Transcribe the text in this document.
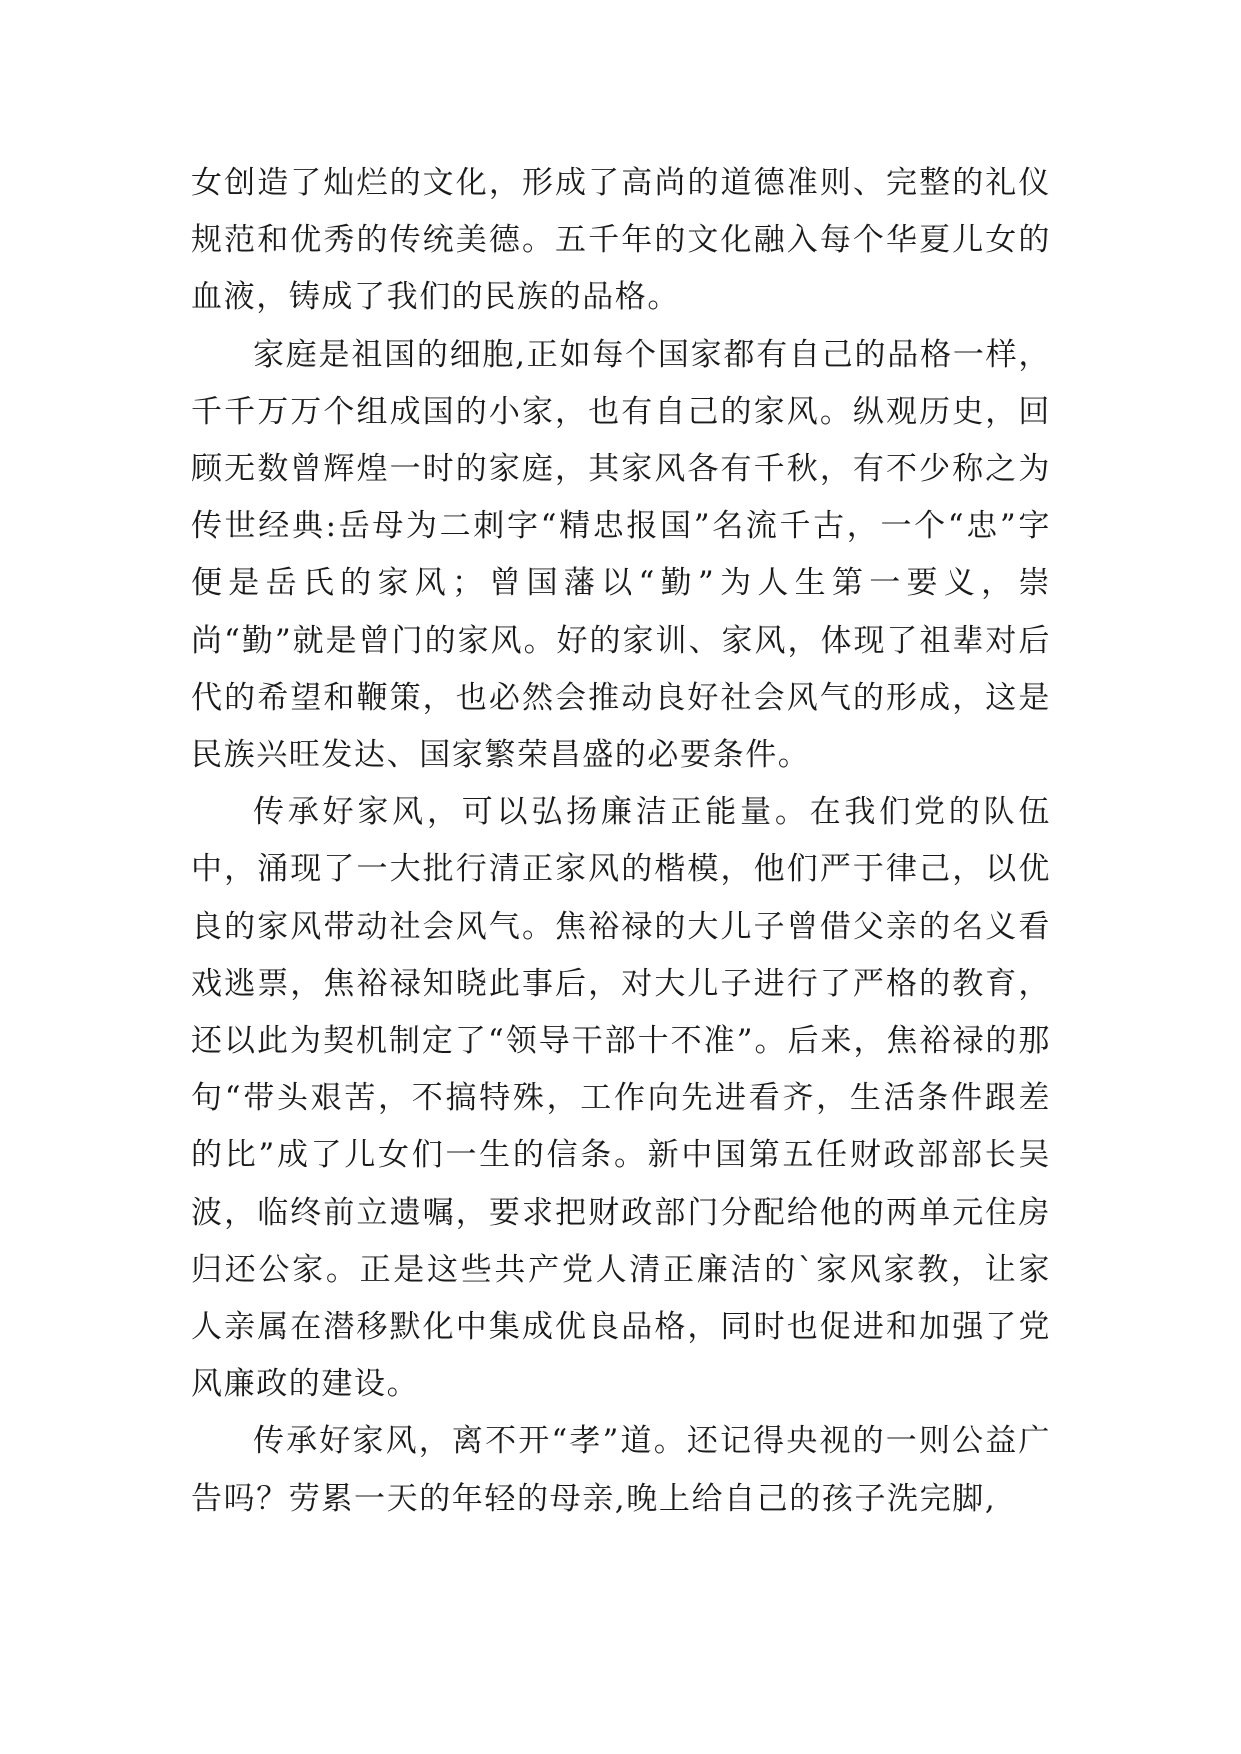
女创造了灿烂的文化，形成了高尚的道德准则、完整的礼仪规范和优秀的传统美德。五千年的文化融入每个华夏儿女的血液，铸成了我们的民族的品格。

家庭是祖国的细胞,正如每个国家都有自己的品格一样，千千万万个组成国的小家，也有自己的家风。纵观历史，回顾无数曾辉煌一时的家庭，其家风各有千秋，有不少称之为传世经典:岳母为二刺字“精忠报国”名流千古，一个“忠”字便是岳氏的家风；曾国藩以“勤”为人生第一要义，崇尚“勤”就是曾门的家风。好的家训、家风，体现了祖辈对后代的希望和鞭策，也必然会推动良好社会风气的形成，这是民族兴旺发达、国家繁荣昌盛的必要条件。

传承好家风，可以弘扬廉洁正能量。在我们党的队伍中，涌现了一大批行清正家风的楷模，他们严于律己，以优良的家风带动社会风气。焦裕禄的大儿子曾借父亲的名义看戏逃票，焦裕禄知晓此事后，对大儿子进行了严格的教育，还以此为契机制定了“领导干部十不准”。后来，焦裕禄的那句“带头艰苦，不搞特殊，工作向先进看齐，生活条件跟差的比”成了儿女们一生的信条。新中国第五任财政部部长吴波，临终前立遗嘱，要求把财政部门分配给他的两单元住房归还公家。正是这些共产党人清正廉洁的`家风家教，让家人亲属在潜移默化中集成优良品格，同时也促进和加强了党风廉政的建设。

传承好家风，离不开“孝”道。还记得央视的一则公益广告吗？劳累一天的年轻的母亲,晚上给自己的孩子洗完脚,
